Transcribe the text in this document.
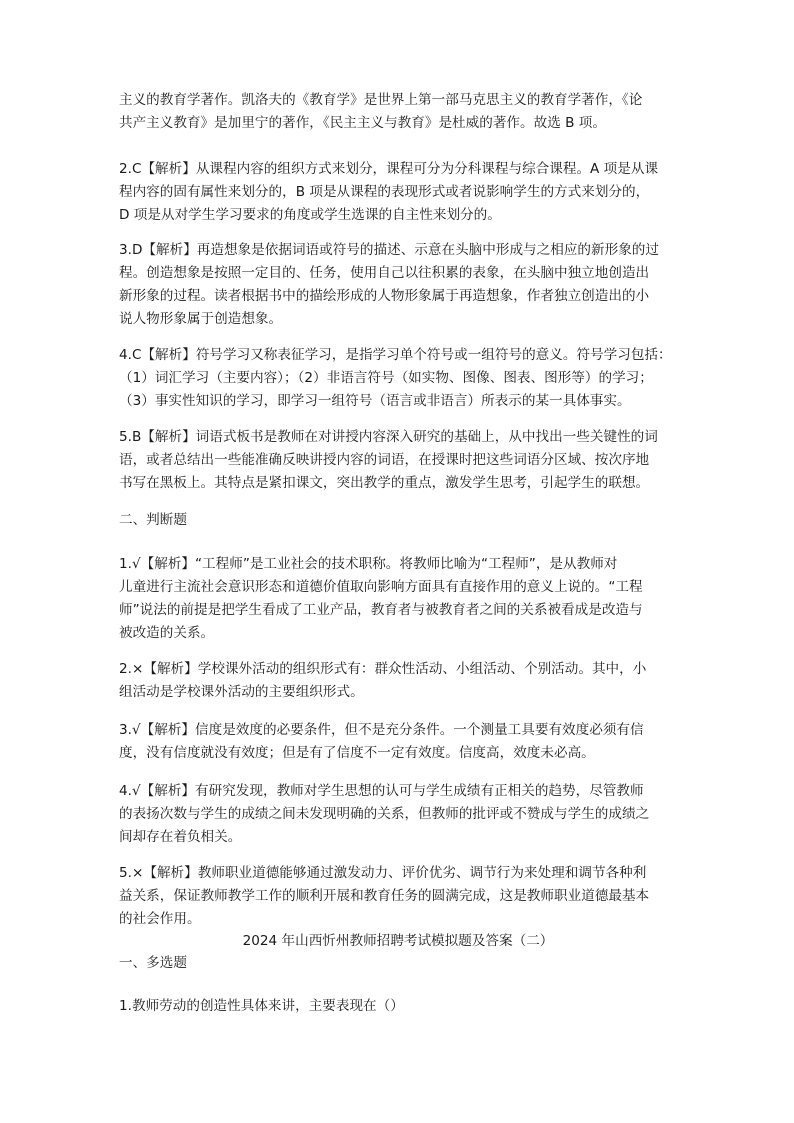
主义的教育学著作。凯洛夫的《教育学》是世界上第一部马克思主义的教育学著作，《论
共产主义教育》是加里宁的著作，《民主主义与教育》是杜威的著作。故选 B 项。
2.C【解析】从课程内容的组织方式来划分，课程可分为分科课程与综合课程。A 项是从课
程内容的固有属性来划分的，B 项是从课程的表现形式或者说影响学生的方式来划分的，
D 项是从对学生学习要求的角度或学生选课的自主性来划分的。
3.D【解析】再造想象是依据词语或符号的描述、示意在头脑中形成与之相应的新形象的过
程。创造想象是按照一定目的、任务，使用自己以往积累的表象，在头脑中独立地创造出
新形象的过程。读者根据书中的描绘形成的人物形象属于再造想象，作者独立创造出的小
说人物形象属于创造想象。
4.C【解析】符号学习又称表征学习，是指学习单个符号或一组符号的意义。符号学习包括：
（1）词汇学习（主要内容）；（2）非语言符号（如实物、图像、图表、图形等）的学习；
（3）事实性知识的学习，即学习一组符号（语言或非语言）所表示的某一具体事实。
5.B【解析】词语式板书是教师在对讲授内容深入研究的基础上，从中找出一些关键性的词
语，或者总结出一些能准确反映讲授内容的词语，在授课时把这些词语分区域、按次序地
书写在黑板上。其特点是紧扣课文，突出教学的重点，激发学生思考，引起学生的联想。
二、判断题
1.√【解析】“工程师”是工业社会的技术职称。将教师比喻为“工程师”，是从教师对
儿童进行主流社会意识形态和道德价值取向影响方面具有直接作用的意义上说的。“工程
师”说法的前提是把学生看成了工业产品，教育者与被教育者之间的关系被看成是改造与
被改造的关系。
2.×【解析】学校课外活动的组织形式有：群众性活动、小组活动、个别活动。其中，小
组活动是学校课外活动的主要组织形式。
3.√【解析】信度是效度的必要条件，但不是充分条件。一个测量工具要有效度必须有信
度，没有信度就没有效度；但是有了信度不一定有效度。信度高，效度未必高。
4.√【解析】有研究发现，教师对学生思想的认可与学生成绩有正相关的趋势，尽管教师
的表扬次数与学生的成绩之间未发现明确的关系，但教师的批评或不赞成与学生的成绩之
间却存在着负相关。
5.×【解析】教师职业道德能够通过激发动力、评价优劣、调节行为来处理和调节各种利
益关系，保证教师教学工作的顺利开展和教育任务的圆满完成，这是教师职业道德最基本
的社会作用。
2024 年山西忻州教师招聘考试模拟题及答案（二）
一、多选题
1.教师劳动的创造性具体来讲，主要表现在（）
